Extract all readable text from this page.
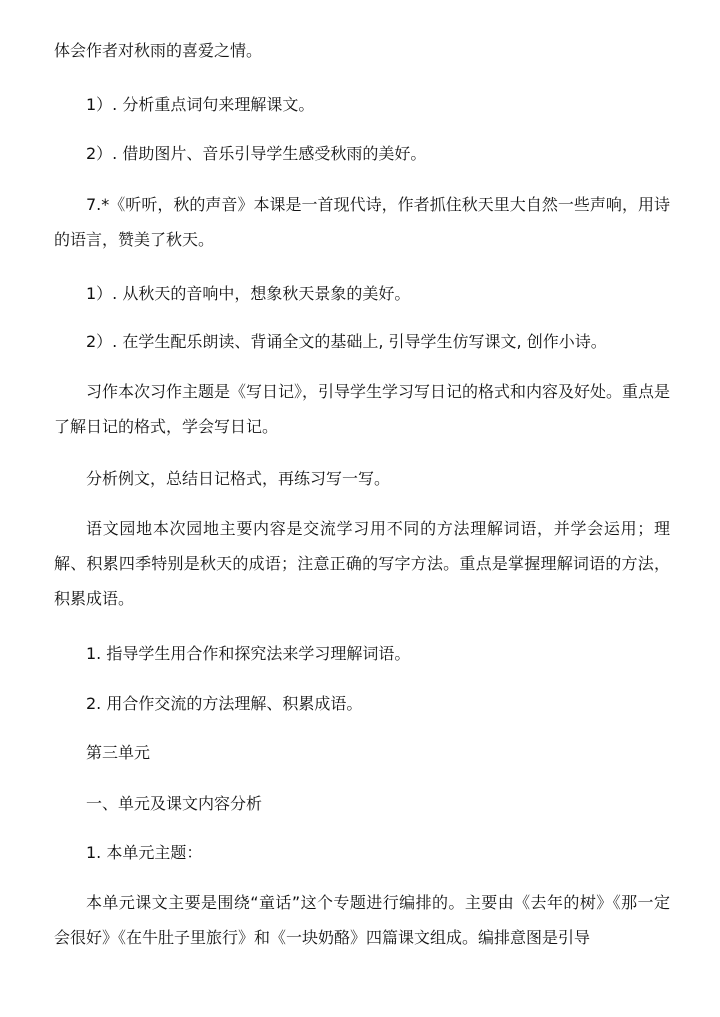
体会作者对秋雨的喜爱之情。

1）. 分析重点词句来理解课文。

2）. 借助图片、音乐引导学生感受秋雨的美好。

7.*《听听，秋的声音》本课是一首现代诗，作者抓住秋天里大自然一些声响，用诗的语言，赞美了秋天。

1）. 从秋天的音响中，想象秋天景象的美好。

2）. 在学生配乐朗读、背诵全文的基础上, 引导学生仿写课文, 创作小诗。

习作本次习作主题是《写日记》，引导学生学习写日记的格式和内容及好处。重点是了解日记的格式，学会写日记。

分析例文，总结日记格式，再练习写一写。

语文园地本次园地主要内容是交流学习用不同的方法理解词语，并学会运用；理解、积累四季特别是秋天的成语；注意正确的写字方法。重点是掌握理解词语的方法，积累成语。

1. 指导学生用合作和探究法来学习理解词语。

2. 用合作交流的方法理解、积累成语。

第三单元

一、单元及课文内容分析

1. 本单元主题：

本单元课文主要是围绕“童话”这个专题进行编排的。主要由《去年的树》《那一定会很好》《在牛肚子里旅行》和《一块奶酪》四篇课文组成。编排意图是引导
